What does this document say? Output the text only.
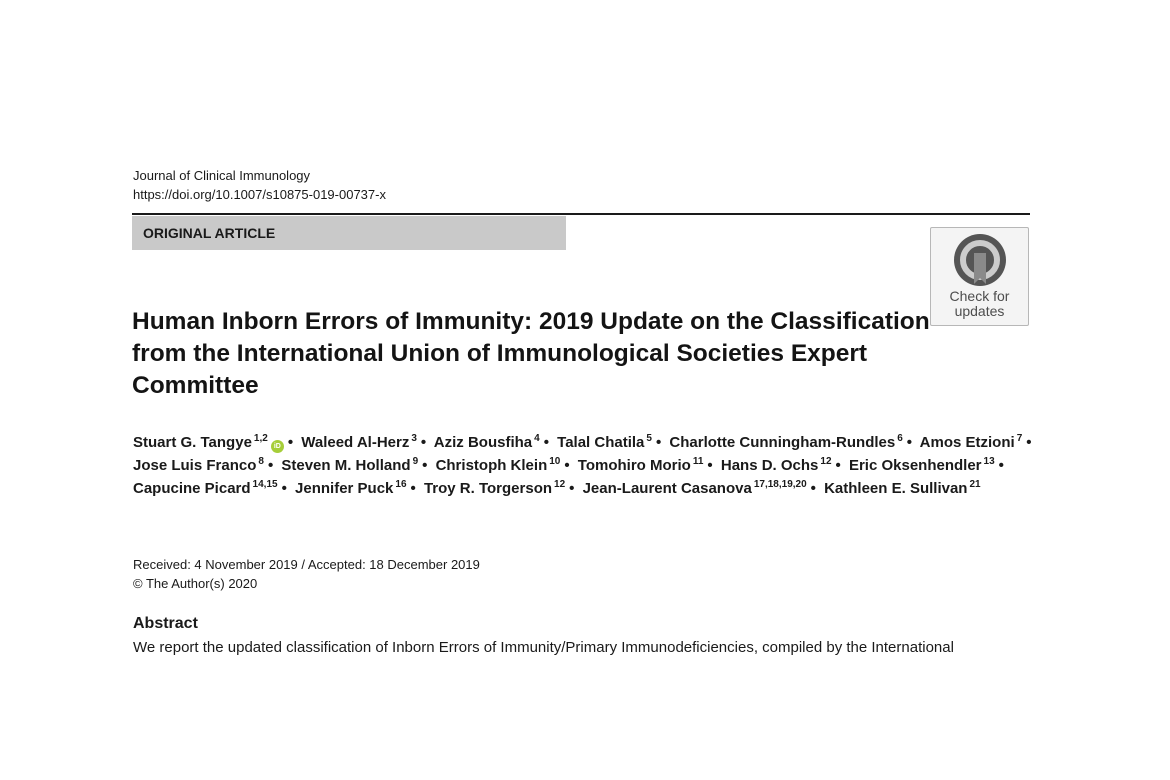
Journal of Clinical Immunology
https://doi.org/10.1007/s10875-019-00737-x
ORIGINAL ARTICLE
Check for
updates
Human Inborn Errors of Immunity: 2019 Update on the Classification from the International Union of Immunological Societies Expert Committee
Stuart G. Tangye $^{1,2}$iD • Waleed Al-Herz $^3$ • Aziz Bousfiha $^4$ • Talal Chatila $^5$ • Charlotte Cunningham-Rundles $^6$ • Amos Etzioni $^7$ • Jose Luis Franco $^8$ • Steven M. Holland $^9$ • Christoph Klein $^{10}$ • Tomohiro Morio $^{11}$ • Hans D. Ochs $^{12}$ • Eric Oksenhendler $^{13}$ • Capucine Picard $^{14,15}$ • Jennifer Puck $^{16}$ • Troy R. Torgerson $^{12}$ • Jean-Laurent Casanova $^{17,18,19,20}$ • Kathleen E. Sullivan $^{21}$
Received: 4 November 2019 / Accepted: 18 December 2019
© The Author(s) 2020
Abstract
We report the updated classification of Inborn Errors of Immunity/Primary Immunodeficiencies, compiled by the International
